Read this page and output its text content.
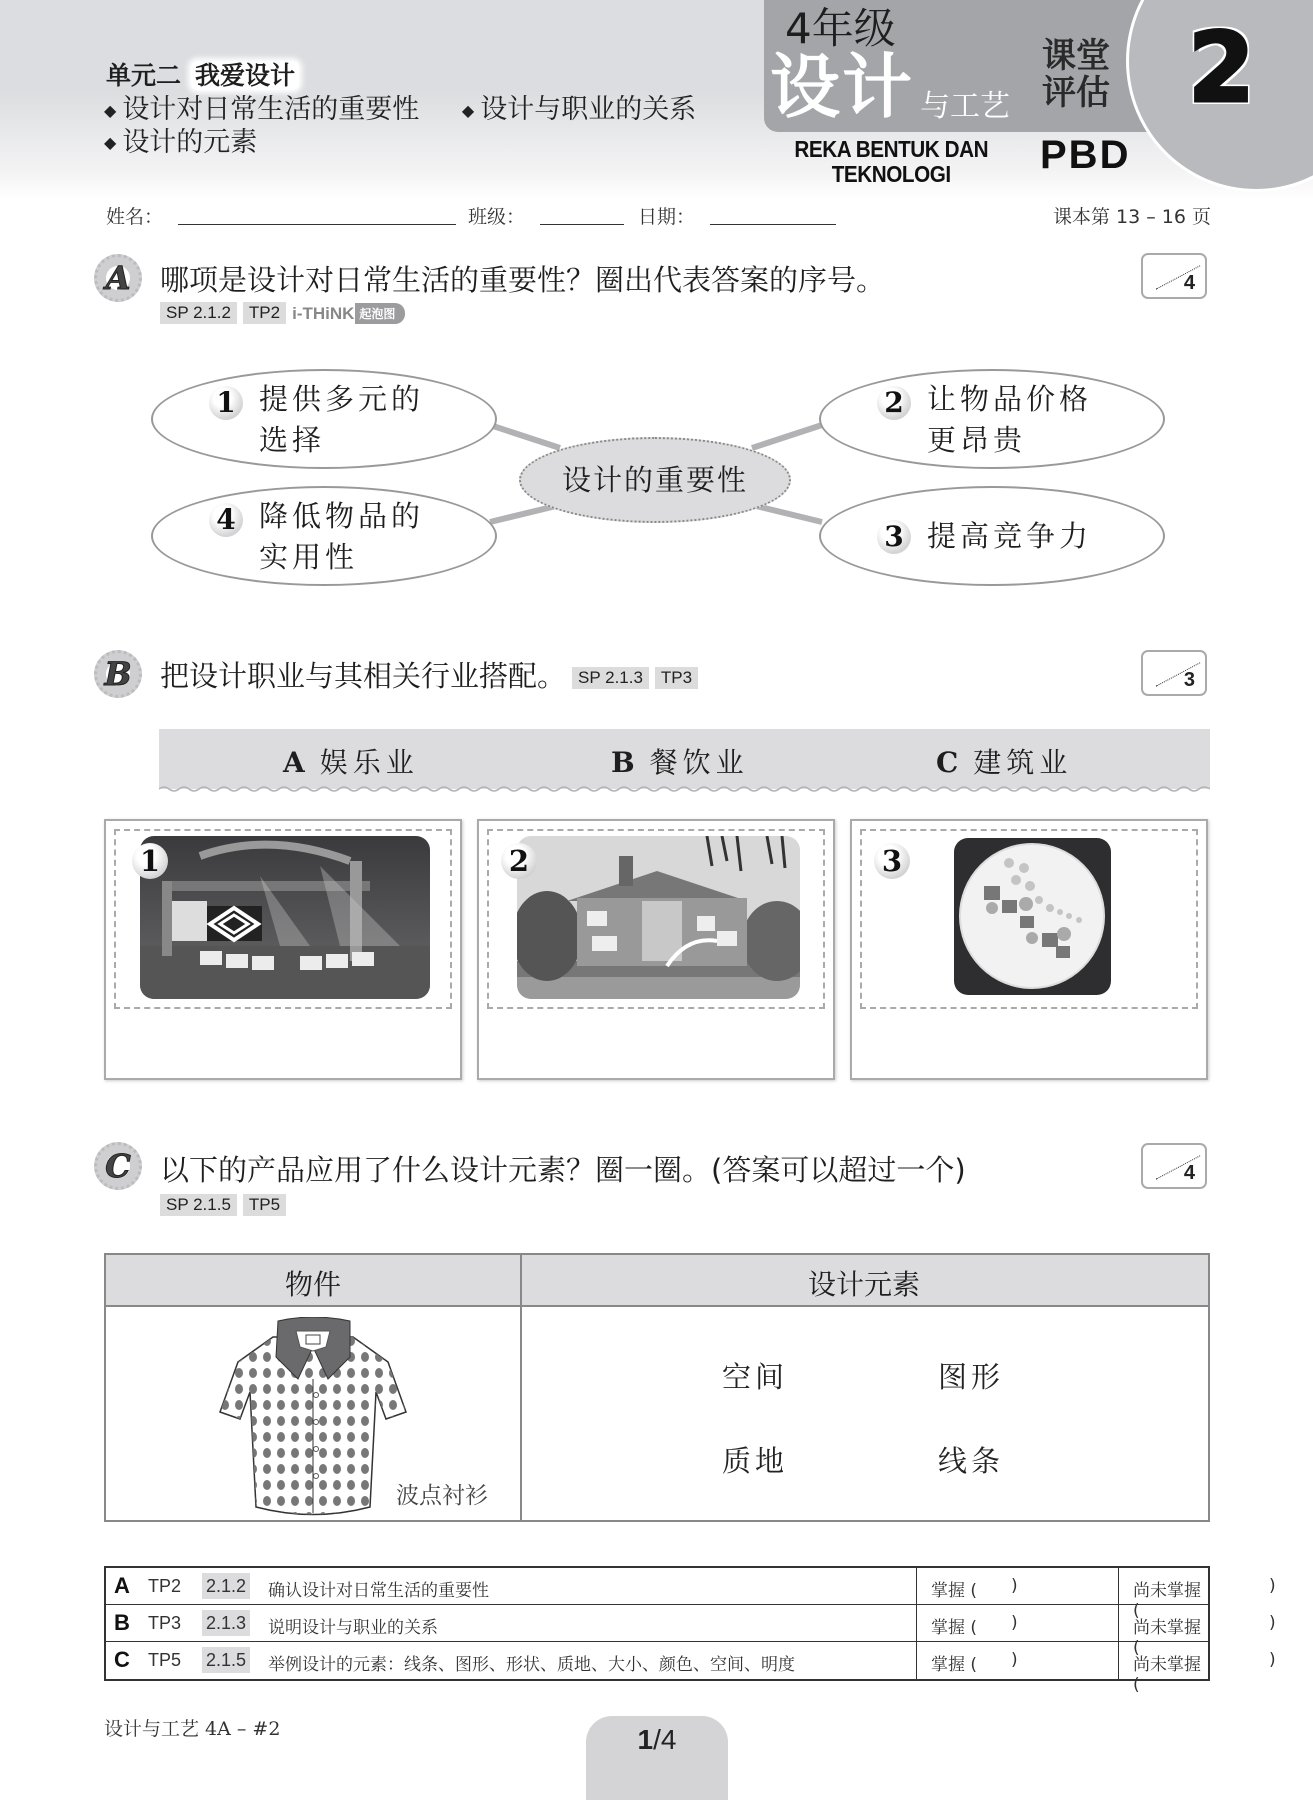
2
4年级
设计 与工艺
课堂
评估
REKA BENTUK DAN
TEKNOLOGI	PBD
单元二 我爱设计
◆ 设计对日常生活的重要性	◆ 设计与职业的关系
◆ 设计的元素
姓名：	班级：	日期：	课本第 13 – 16 页
A 哪项是设计对日常生活的重要性？圈出代表答案的序号。
SP 2.1.2 TP2 i-THiNK 起泡图
4
1 提供多元的
选择
2 让物品价格
更昂贵
4 降低物品的
实用性
3 提高竞争力
设计的重要性
B 把设计职业与其相关行业搭配。 SP 2.1.3 TP3	3
A 娱乐业	B 餐饮业	C 建筑业
1	2	3
C 以下的产品应用了什么设计元素？圈一圈。(答案可以超过一个)
SP 2.1.5 TP5
4
物件	设计元素
波点衬衫
空间	图形
质地	线条
A TP2 2.1.2 确认设计对日常生活的重要性	掌握 ( )	尚未掌握 (
)
B TP3 2.1.3 说明设计与职业的关系	掌握 ( )	尚未掌握 (
)
C TP5 2.1.5 举例设计的元素：线条、图形、形状、质地、大小、颜色、空间、明度	掌握 ( )	尚未掌握 (
)
设计与工艺 4A – #2	1/4
